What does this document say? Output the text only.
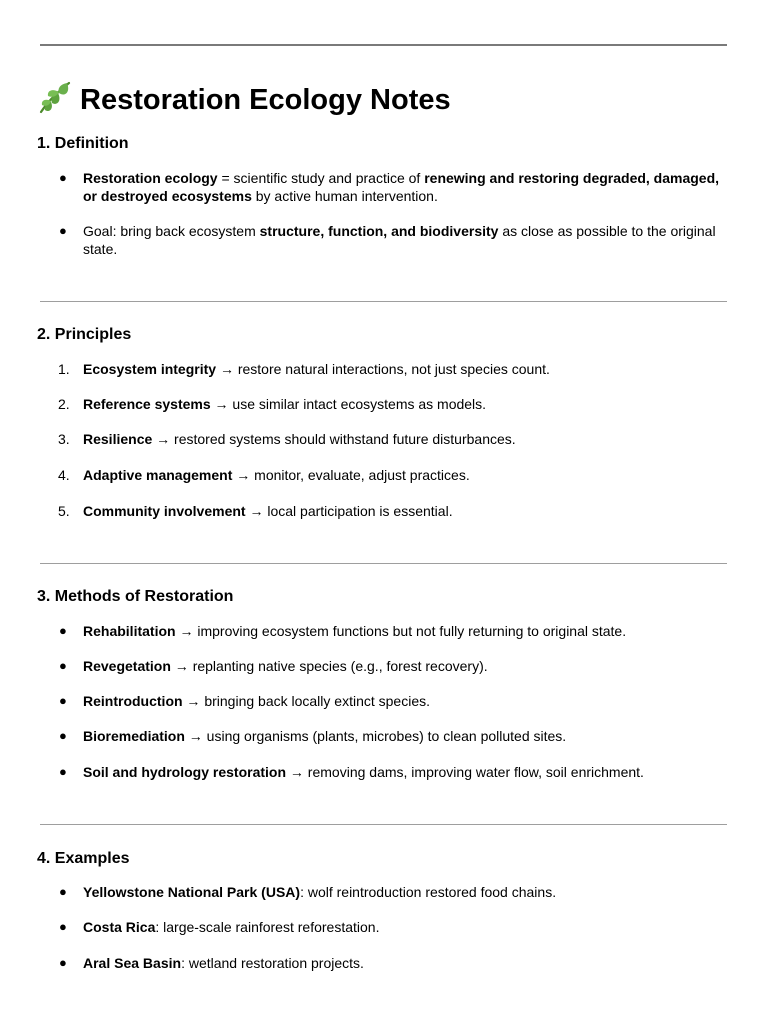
Restoration Ecology Notes
1. Definition
●	Restoration ecology = scientific study and practice of renewing and restoring degraded, damaged, or destroyed ecosystems by active human intervention.
●	Goal: bring back ecosystem structure, function, and biodiversity as close as possible to the original state.
2. Principles
1. Ecosystem integrity → restore natural interactions, not just species count.
2. Reference systems → use similar intact ecosystems as models.
3. Resilience → restored systems should withstand future disturbances.
4. Adaptive management → monitor, evaluate, adjust practices.
5. Community involvement → local participation is essential.
3. Methods of Restoration
●	Rehabilitation → improving ecosystem functions but not fully returning to original state.
●	Revegetation → replanting native species (e.g., forest recovery).
●	Reintroduction → bringing back locally extinct species.
●	Bioremediation → using organisms (plants, microbes) to clean polluted sites.
●	Soil and hydrology restoration → removing dams, improving water flow, soil enrichment.
4. Examples
●	Yellowstone National Park (USA): wolf reintroduction restored food chains.
●	Costa Rica: large-scale rainforest reforestation.
●	Aral Sea Basin: wetland restoration projects.
